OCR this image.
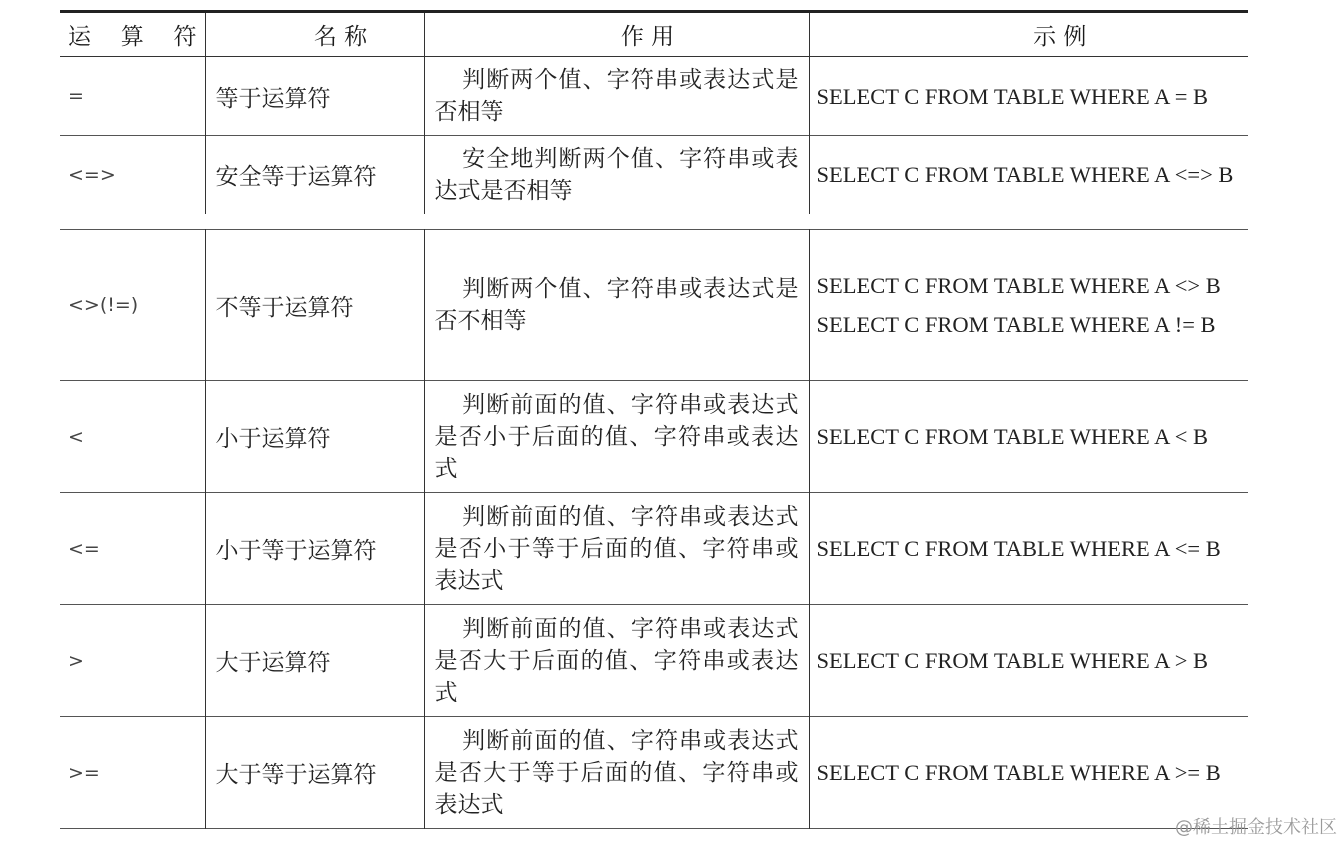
运 算 符	名 称	作 用	示 例
=	等于运算符	判断两个值、字符串或表达式是否相等	SELECT C FROM TABLE WHERE A = B

<=>	安全等于运算符	安全地判断两个值、字符串或表达式是否相等	SELECT C FROM TABLE WHERE A <=> B
<>(!=)	不等于运算符	判断两个值、字符串或表达式是否不相等	SELECT C FROM TABLE WHERE A <> B
SELECT C FROM TABLE WHERE A != B

<	小于运算符	判断前面的值、字符串或表达式是否小于后面的值、字符串或表达式	SELECT C FROM TABLE WHERE A < B

<=	小于等于运算符	判断前面的值、字符串或表达式是否小于等于后面的值、字符串或表达式	SELECT C FROM TABLE WHERE A <= B

>	大于运算符	判断前面的值、字符串或表达式是否大于后面的值、字符串或表达式	SELECT C FROM TABLE WHERE A > B

>=	大于等于运算符	判断前面的值、字符串或表达式是否大于等于后面的值、字符串或表达式	SELECT C FROM TABLE WHERE A >= B
@稀土掘金技术社区
